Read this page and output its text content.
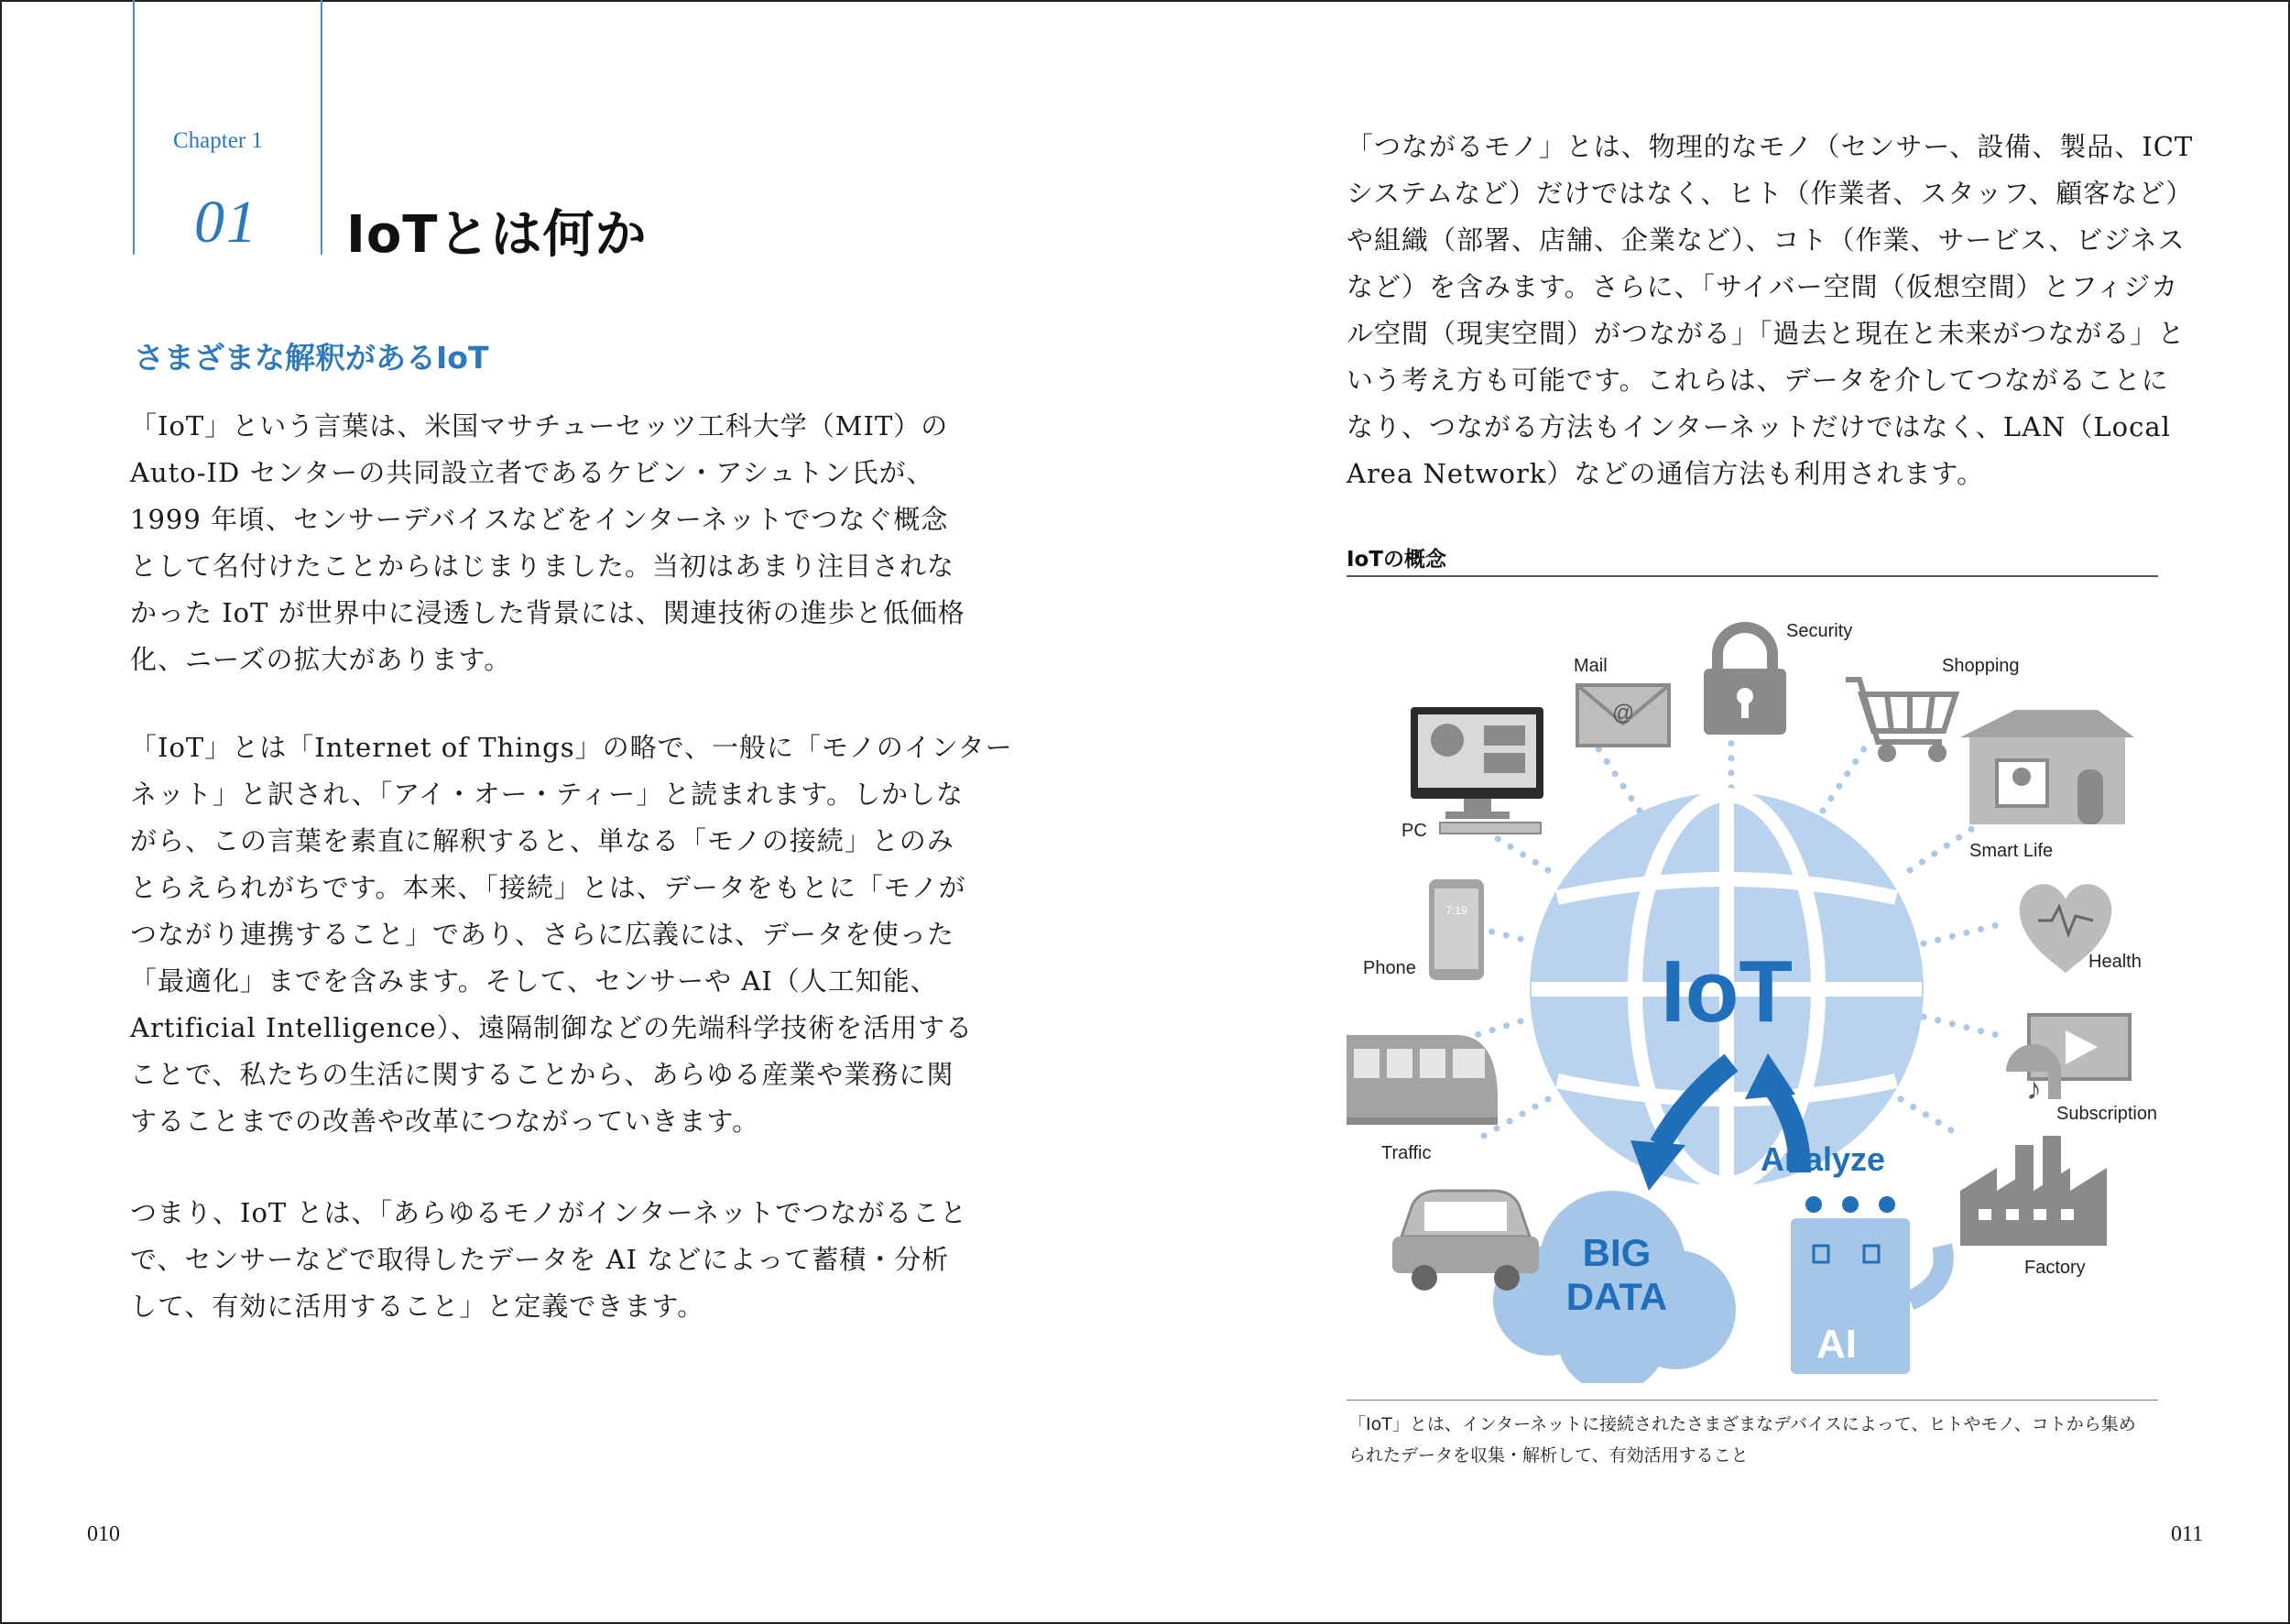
Chapter 1
01 IoTとは何か
さまざまな解釈があるIoT

「IoT」という言葉は、米国マサチューセッツ工科大学（MIT）の
Auto-ID センターの共同設立者であるケビン・アシュトン氏が、
1999 年頃、センサーデバイスなどをインターネットでつなぐ概念
として名付けたことからはじまりました。当初はあまり注目されな
かった IoT が世界中に浸透した背景には、関連技術の進歩と低価格
化、ニーズの拡大があります。

「IoT」とは「Internet of Things」の略で、一般に「モノのインター
ネット」と訳され、「アイ・オー・ティー」と読まれます。しかしな
がら、この言葉を素直に解釈すると、単なる「モノの接続」とのみ
とらえられがちです。本来、「接続」とは、データをもとに「モノが
つながり連携すること」であり、さらに広義には、データを使った
「最適化」までを含みます。そして、センサーや AI（人工知能、
Artificial Intelligence）、遠隔制御などの先端科学技術を活用する
ことで、私たちの生活に関することから、あらゆる産業や業務に関
することまでの改善や改革につながっていきます。

つまり、IoT とは、「あらゆるモノがインターネットでつながること
で、センサーなどで取得したデータを AI などによって蓄積・分析
して、有効に活用すること」と定義できます。

010

「つながるモノ」とは、物理的なモノ（センサー、設備、製品、ICT
システムなど）だけではなく、ヒト（作業者、スタッフ、顧客など）
や組織（部署、店舗、企業など）、コト（作業、サービス、ビジネス
など）を含みます。さらに、「サイバー空間（仮想空間）とフィジカ
ル空間（現実空間）がつながる」「過去と現在と未来がつながる」と
いう考え方も可能です。これらは、データを介してつながることに
なり、つながる方法もインターネットだけではなく、LAN（Local
Area Network）などの通信方法も利用されます。

IoTの概念
IoT
Analyze
BIG
DATA
AI
@
Mail
Security
Shopping
PC
Smart Life
7:19
Phone	Health
Traffic
♪
Subscription
Factory

「IoT」とは、インターネットに接続されたさまざまなデバイスによって、ヒトやモノ、コトから集め
られたデータを収集・解析して、有効活用すること

011
